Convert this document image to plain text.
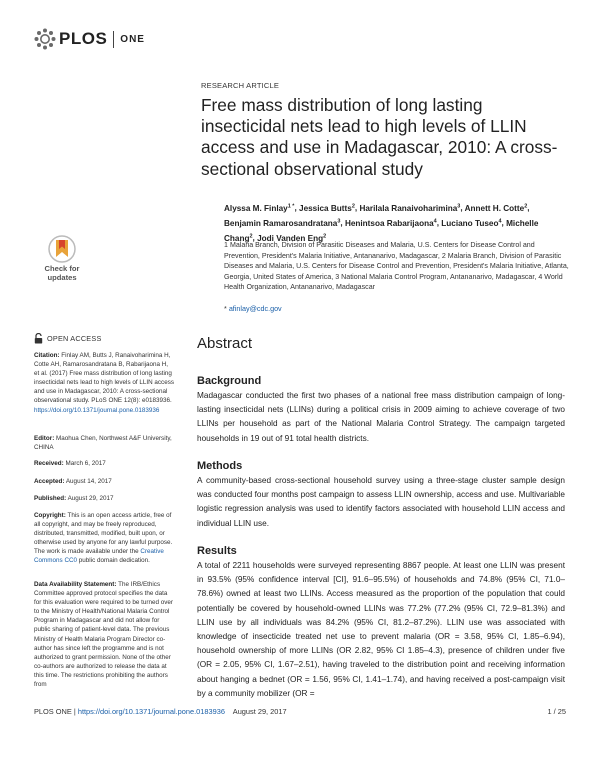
PLOS ONE
Check for updates
OPEN ACCESS
Citation: Finlay AM, Butts J, Ranaivoharimina H, Cotte AH, Ramarosandratana B, Rabarijaona H, et al. (2017) Free mass distribution of long lasting insecticidal nets lead to high levels of LLIN access and use in Madagascar, 2010: A cross-sectional observational study. PLoS ONE 12(8): e0183936. https://doi.org/10.1371/journal.pone.0183936
Editor: Maohua Chen, Northwest A&F University, CHINA
Received: March 6, 2017
Accepted: August 14, 2017
Published: August 29, 2017
Copyright: This is an open access article, free of all copyright, and may be freely reproduced, distributed, transmitted, modified, built upon, or otherwise used by anyone for any lawful purpose. The work is made available under the Creative Commons CC0 public domain dedication.
Data Availability Statement: The IRB/Ethics Committee approved protocol specifies the data for this evaluation were required to be turned over to the Ministry of Health/National Malaria Control Program in Madagascar and did not allow for public sharing of patient-level data. The previous Ministry of Health Malaria Program Director co-author has since left the programme and is not authorized to grant permission. None of the other co-authors are authorized to release the data at this time. The restrictions prohibiting the authors from
RESEARCH ARTICLE
Free mass distribution of long lasting insecticidal nets lead to high levels of LLIN access and use in Madagascar, 2010: A cross-sectional observational study
Alyssa M. Finlay$^{1 *}$, Jessica Butts$^2$, Harilala Ranaivoharimina$^3$, Annett H. Cotte$^2$, Benjamin Ramarosandratana$^3$, Henintsoa Rabarijaona$^4$, Luciano Tuseo$^4$, Michelle Chang$^2$, Jodi Vanden Eng$^2$
1 Malaria Branch, Division of Parasitic Diseases and Malaria, U.S. Centers for Disease Control and Prevention, President's Malaria Initiative, Antananarivo, Madagascar, 2 Malaria Branch, Division of Parasitic Diseases and Malaria, U.S. Centers for Disease Control and Prevention, President's Malaria Initiative, Atlanta, Georgia, United States of America, 3 National Malaria Control Program, Antananarivo, Madagascar, 4 World Health Organization, Antananarivo, Madagascar
* afinlay@cdc.gov
Abstract
Background

Madagascar conducted the first two phases of a national free mass distribution campaign of long-lasting insecticidal nets (LLINs) during a political crisis in 2009 aiming to achieve coverage of two LLINs per household as part of the National Malaria Control Strategy. The campaign targeted households in 19 out of 91 total health districts.

Methods

A community-based cross-sectional household survey using a three-stage cluster sample design was conducted four months post campaign to assess LLIN ownership, access and use. Multivariable logistic regression analysis was used to identify factors associated with household LLIN access and individual LLIN use.

Results

A total of 2211 households were surveyed representing 8867 people. At least one LLIN was present in 93.5% (95% confidence interval [CI], 91.6–95.5%) of households and 74.8% (95% CI, 71.0–78.6%) owned at least two LLINs. Access measured as the proportion of the population that could potentially be covered by household-owned LLINs was 77.2% (77.2% (95% CI, 72.9–81.3%) and LLIN use by all individuals was 84.2% (95% CI, 81.2–87.2%). LLIN use was associated with knowledge of insecticide treated net use to prevent malaria (OR = 3.58, 95% CI, 1.85–6.94), household ownership of more LLINs (OR 2.82, 95% CI 1.85–4.3), presence of children under five (OR = 2.05, 95% CI, 1.67–2.51), having traveled to the distribution point and receiving information about hanging a bednet (OR = 1.56, 95% CI, 1.41–1.74), and having received a post-campaign visit by a community mobilizer (OR =

PLOS ONE | https://doi.org/10.1371/journal.pone.0183936 August 29, 2017	1 / 25
